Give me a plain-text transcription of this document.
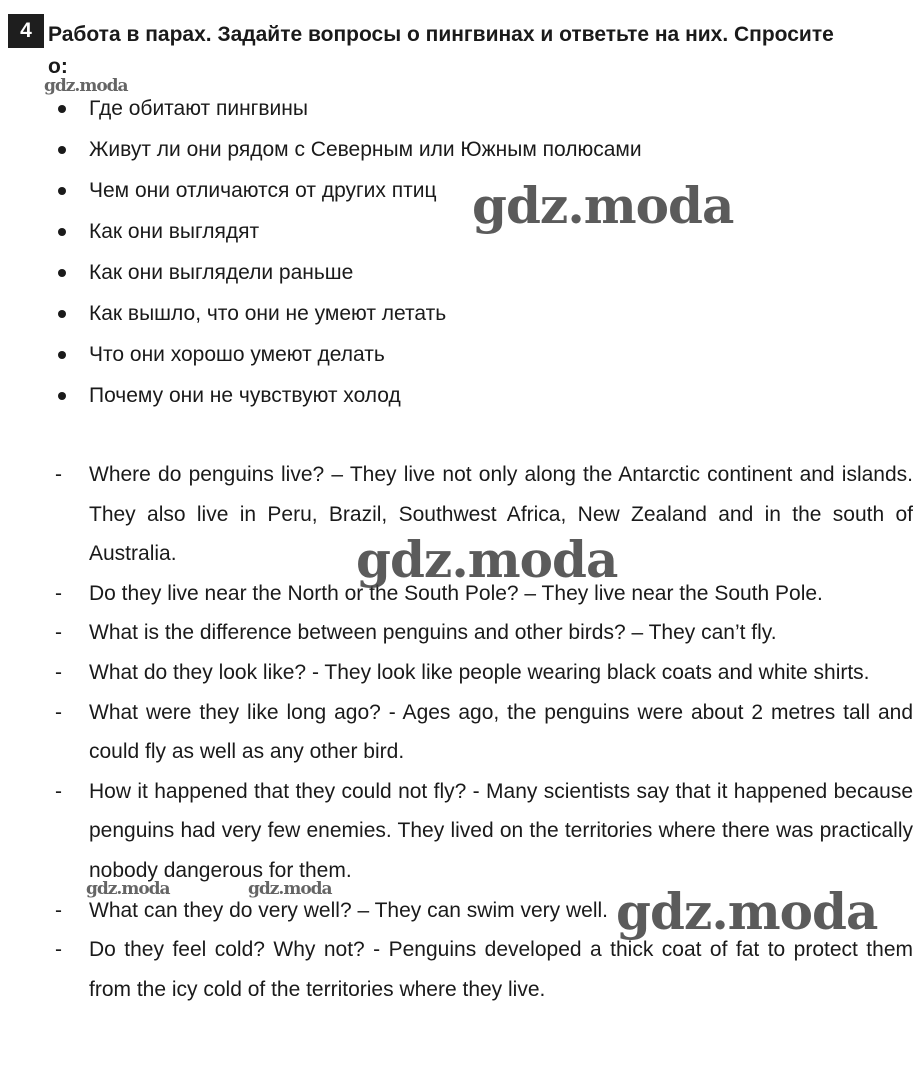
4 Работа в парах. Задайте вопросы о пингвинах и ответьте на них. Спросите
о:
Где обитают пингвины
Живут ли они рядом с Северным или Южным полюсами
Чем они отличаются от других птиц
Как они выглядят
Как они выглядели раньше
Как вышло, что они не умеют летать
Что они хорошо умеют делать
Почему они не чувствуют холод
- Where do penguins live? – They live not only along the Antarctic continent and islands. They also live in Peru, Brazil, Southwest Africa, New Zealand and in the south of Australia.
- Do they live near the North or the South Pole? – They live near the South Pole.
- What is the difference between penguins and other birds? – They can’t fly.
- What do they look like? - They look like people wearing black coats and white shirts.
- What were they like long ago? - Ages ago, the penguins were about 2 metres tall and could fly as well as any other bird.
- How it happened that they could not fly? - Many scientists say that it happened because penguins had very few enemies. They lived on the territories where there was practically nobody dangerous for them.
- What can they do very well? – They can swim very well.
- Do they feel cold? Why not? - Penguins developed a thick coat of fat to protect them from the icy cold of the territories where they live.
gdz.moda
gdz.moda
gdz.moda
gdz.moda	gdz.moda	gdz.moda
